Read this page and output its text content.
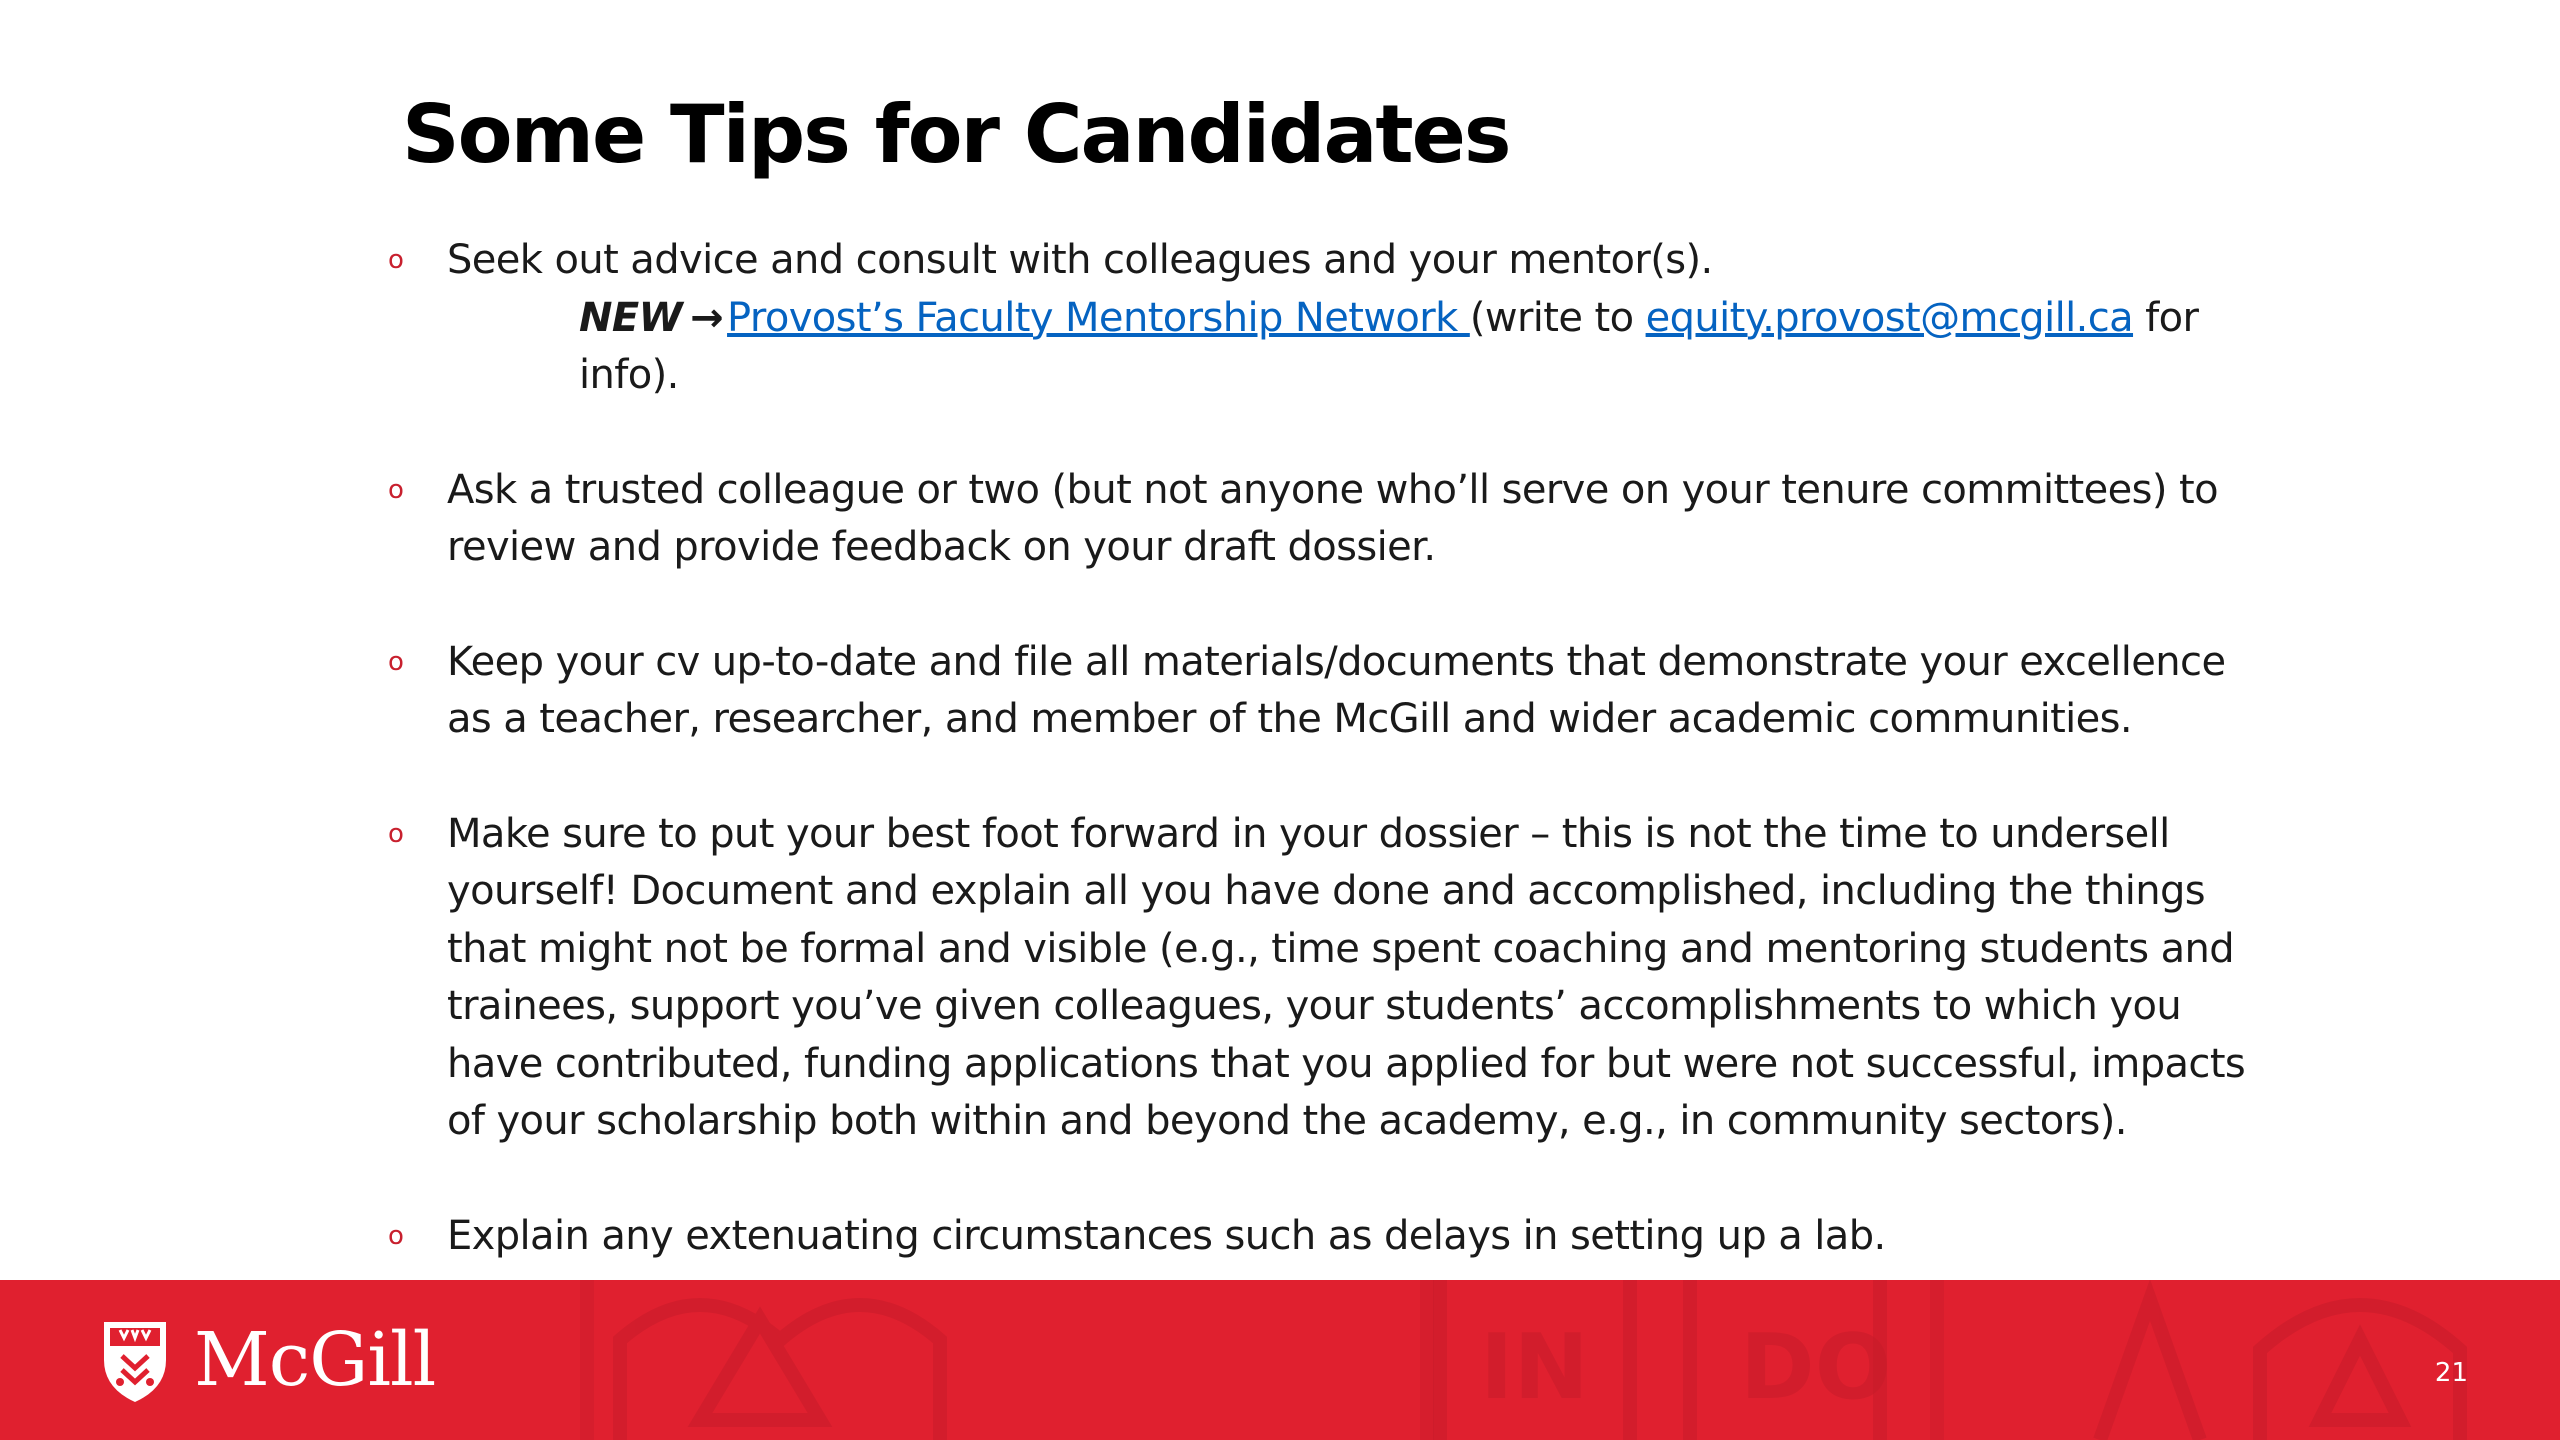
Some Tips for Candidates
o Seek out advice and consult with colleagues and your mentor(s).
NEW → Provost’s Faculty Mentorship Network (write to equity.provost@mcgill.ca for info).
o Ask a trusted colleague or two (but not anyone who’ll serve on your tenure committees) to review and provide feedback on your draft dossier.
o Keep your cv up-to-date and file all materials/documents that demonstrate your excellence as a teacher, researcher, and member of the McGill and wider academic communities.
o Make sure to put your best foot forward in your dossier – this is not the time to undersell yourself! Document and explain all you have done and accomplished, including the things that might not be formal and visible (e.g., time spent coaching and mentoring students and trainees, support you’ve given colleagues, your students’ accomplishments to which you have contributed, funding applications that you applied for but were not successful, impacts of your scholarship both within and beyond the academy, e.g., in community sectors).
o Explain any extenuating circumstances such as delays in setting up a lab.
IN DO
McGill	21
